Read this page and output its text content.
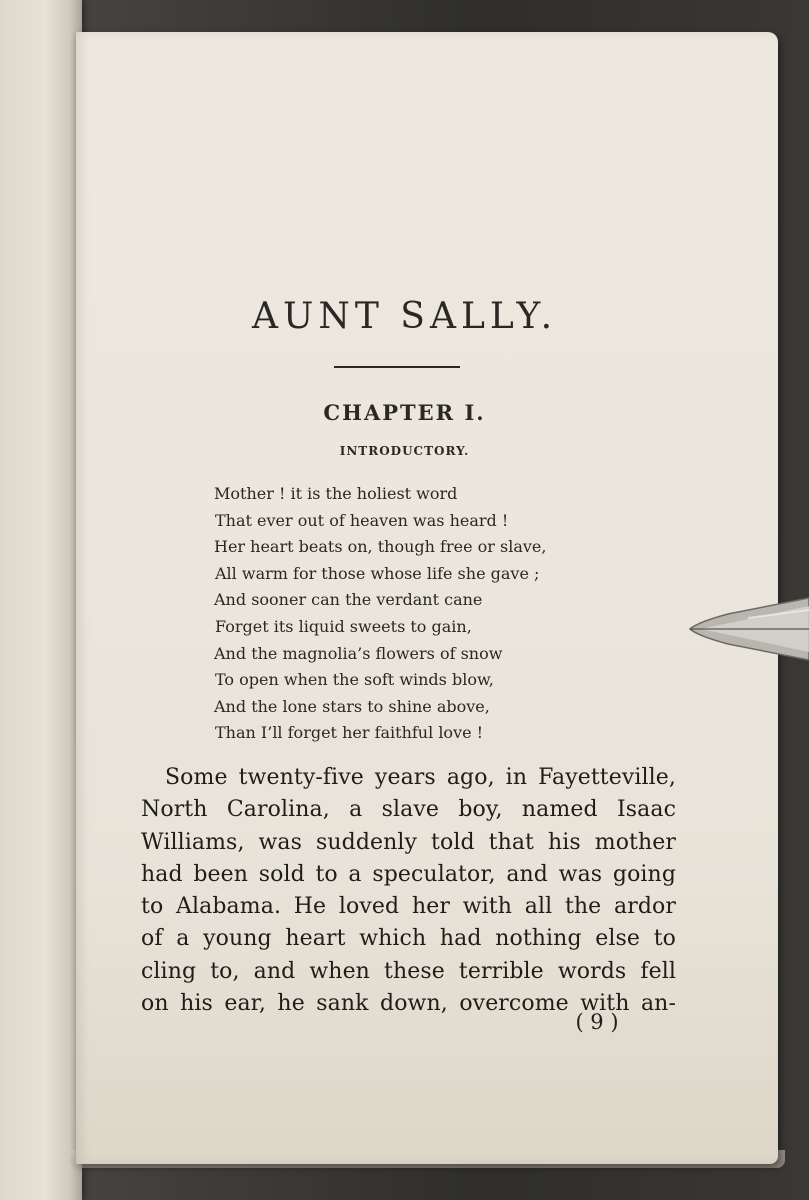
AUNT SALLY.
CHAPTER I.
INTRODUCTORY.
Mother ! it is the holiest word
That ever out of heaven was heard !
Her heart beats on, though free or slave,
All warm for those whose life she gave ;
And sooner can the verdant cane
Forget its liquid sweets to gain,
And the magnolia’s flowers of snow
To open when the soft winds blow,
And the lone stars to shine above,
Than I’ll forget her faithful love !
Some twenty-five years ago, in Fayetteville,
North Carolina, a slave boy, named Isaac
Williams, was suddenly told that his mother
had been sold to a speculator, and was going
to Alabama. He loved her with all the ardor
of a young heart which had nothing else to
cling to, and when these terrible words fell
on his ear, he sank down, overcome with an-
( 9 )
